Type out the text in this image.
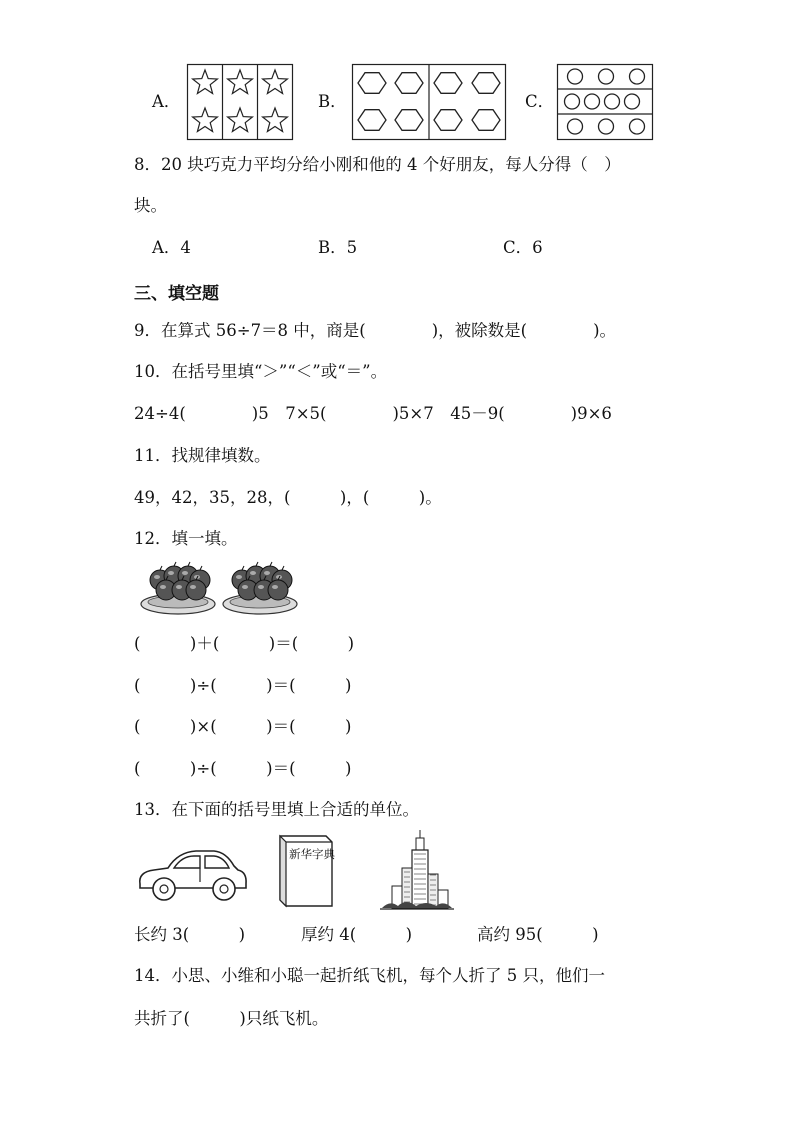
A．	B．	C．
8．20 块巧克力平均分给小刚和他的 4 个好朋友，每人分得（　）
块。
A．4	B．5	C．6
三、填空题
9．在算式 56÷7＝8 中，商是(　　　　)，被除数是(　　　　)。
10．在括号里填“＞”“＜”或“＝”。
24÷4(　　　　)5　7×5(　　　　)5×7　45－9(　　　　)9×6
11．找规律填数。
49，42，35，28，(　　　)，(　　　)。
12．填一填。
(　　　)＋(　　　)＝(　　　)
(　　　)÷(　　　)＝(　　　)
(　　　)×(　　　)＝(　　　)
(　　　)÷(　　　)＝(　　　)
13．在下面的括号里填上合适的单位。
新华字典
长约 3(　　　)	厚约 4(　　　)	高约 95(　　　)
14．小思、小维和小聪一起折纸飞机，每个人折了 5 只，他们一
共折了(　　　)只纸飞机。
